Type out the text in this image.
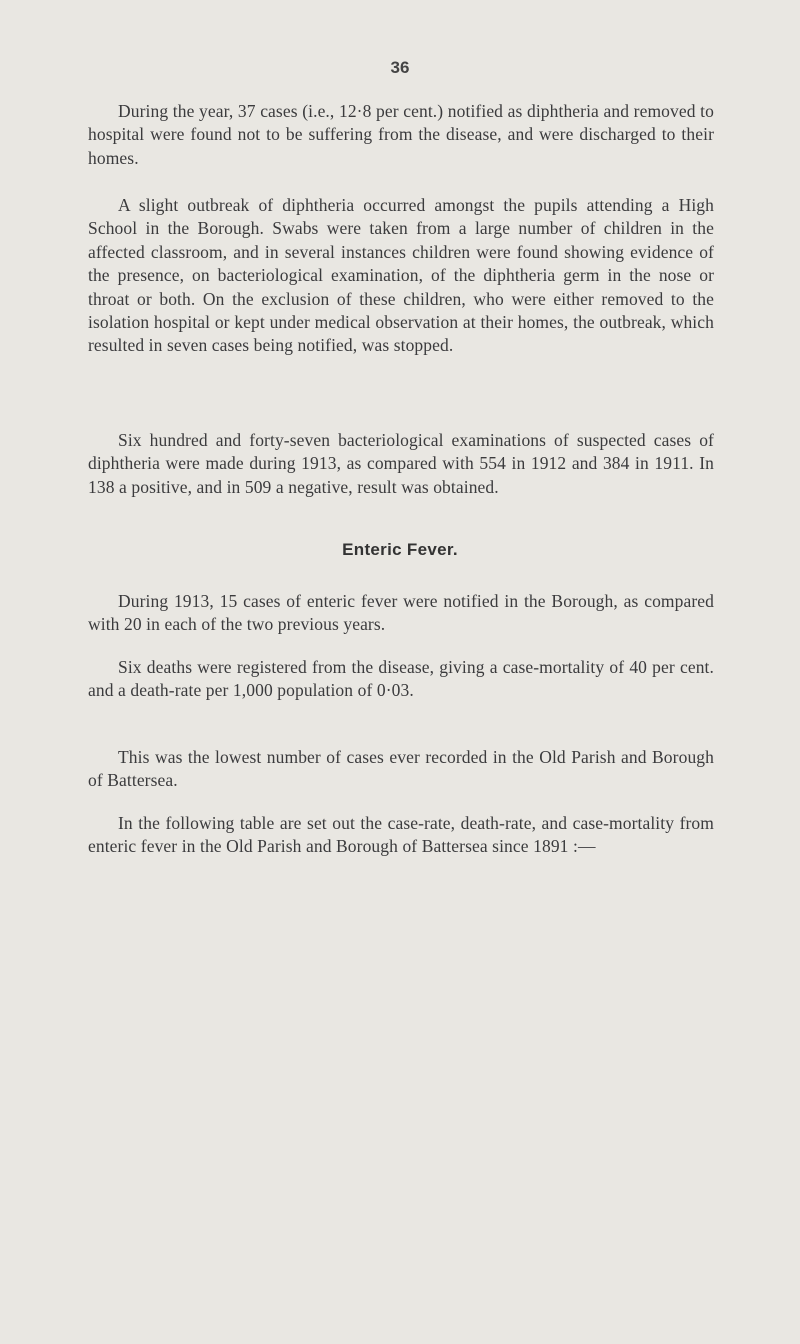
36

During the year, 37 cases (i.e., 12·8 per cent.) notified as diphtheria and removed to hospital were found not to be suffering from the disease, and were discharged to their homes.

A slight outbreak of diphtheria occurred amongst the pupils attending a High School in the Borough. Swabs were taken from a large number of children in the affected classroom, and in several instances children were found showing evidence of the presence, on bacteriological examination, of the diphtheria germ in the nose or throat or both. On the exclusion of these children, who were either removed to the isolation hospital or kept under medical observation at their homes, the outbreak, which resulted in seven cases being notified, was stopped.

Six hundred and forty-seven bacteriological examinations of suspected cases of diphtheria were made during 1913, as compared with 554 in 1912 and 384 in 1911. In 138 a positive, and in 509 a negative, result was obtained.

Enteric Fever.

During 1913, 15 cases of enteric fever were notified in the Borough, as compared with 20 in each of the two previous years.

Six deaths were registered from the disease, giving a case-mortality of 40 per cent. and a death-rate per 1,000 population of 0·03.

This was the lowest number of cases ever recorded in the Old Parish and Borough of Battersea.

In the following table are set out the case-rate, death-rate, and case-mortality from enteric fever in the Old Parish and Borough of Battersea since 1891 :—
